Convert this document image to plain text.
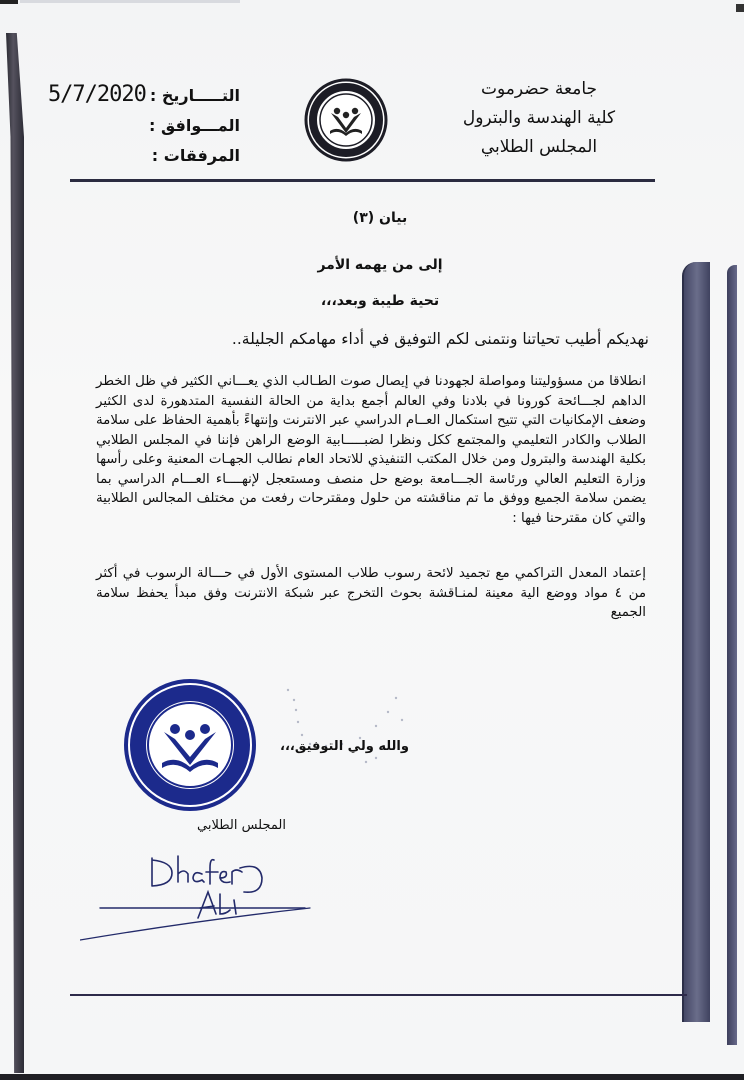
جامعة حضرموت
كلية الهندسة والبترول
المجلس الطلابي
التـــــاريخ :
5/7/2020
المـــوافق :
المرفقات :
بيان (٣)
إلى من يهمه الأمر
تحية طيبة وبعد،،،
نهديكم أطيب تحياتنا ونتمنى لكم التوفيق في أداء مهامكم الجليلة..
انطلاقا من مسؤوليتنا ومواصلة لجهودنا في إيصال صوت الطـالب الذي يعـــاني الكثير في ظل الخطر الداهم لجـــائحة كورونا في بلادنا وفي العالم أجمع بداية من الحالة النفسية المتدهورة لدى الكثير وضعف الإمكانيات التي تتيح استكمال العــام الدراسي عبر الانترنت وإنتهاءً بأهمية الحفاظ على سلامة الطلاب والكادر التعليمي والمجتمع ككل ونظرا لضبـــــابية الوضع الراهن فإننا في المجلس الطلابي بكلية الهندسة والبترول ومن خلال المكتب التنفيذي للاتحاد العام نطالب الجهـات المعنية وعلى رأسها وزارة التعليم العالي ورئاسة الجـــامعة بوضع حل منصف ومستعجل لإنهــــاء العـــام الدراسي بما يضمن سلامة الجميع ووفق ما تم مناقشته من حلول ومقترحات رفعت من مختلف المجالس الطلابية والتي كان مقترحنا فيها :
إعتماد المعدل التراكمي مع تجميد لائحة رسوب طلاب المستوى الأول في حـــالة الرسوب في أكثر من ٤ مواد ووضع الية معينة لمنـاقشة بحوث التخرج عبر شبكة الانترنت وفق مبدأ يحفظ سلامة الجميع
والله ولي التوفيق،،،
المجلس الطلابي
